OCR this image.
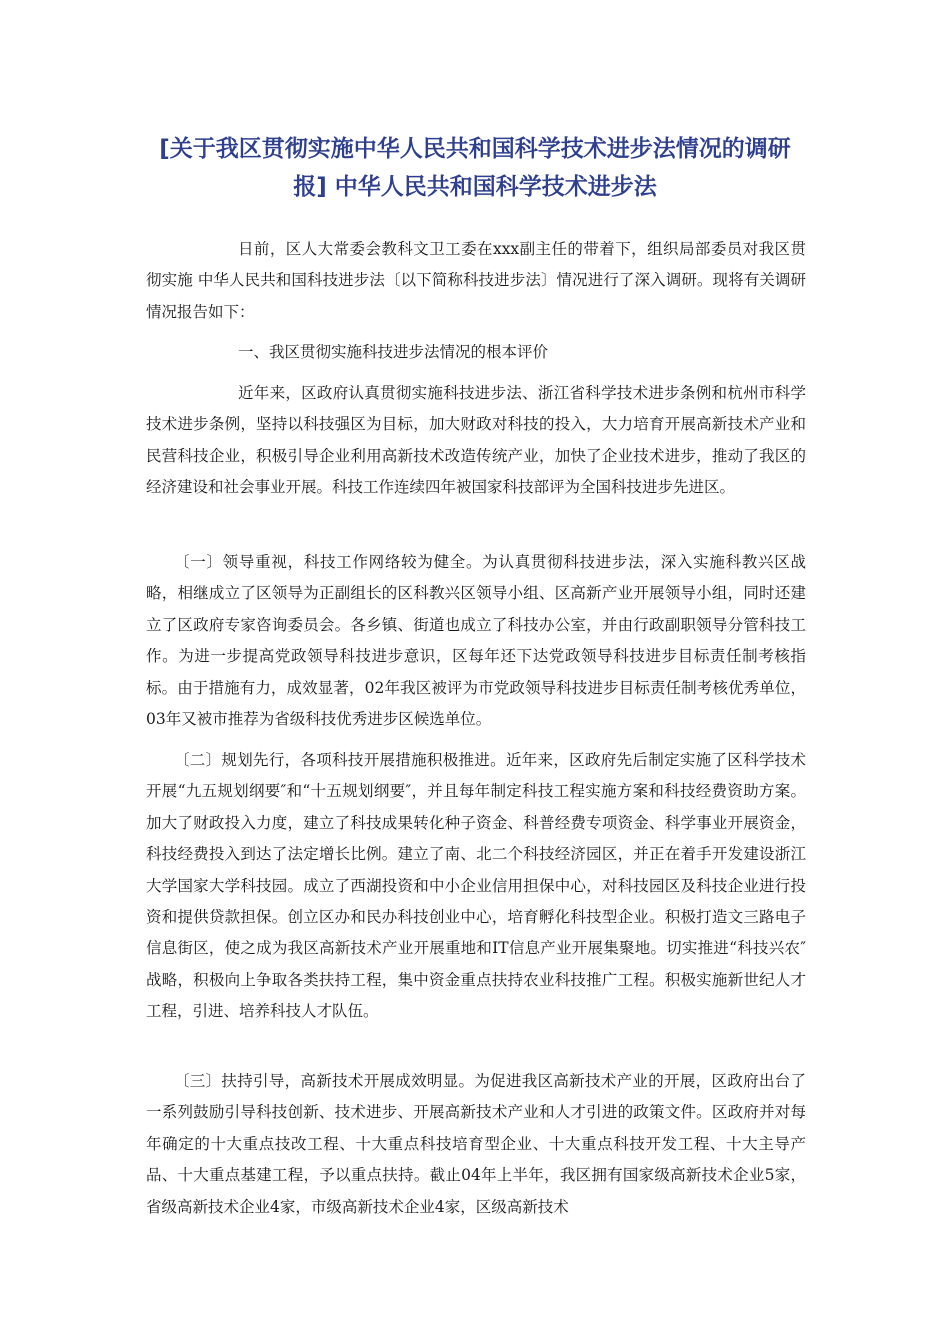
[关于我区贯彻实施中华人民共和国科学技术进步法情况的调研
报] 中华人民共和国科学技术进步法

日前，区人大常委会教科文卫工委在xxx副主任的带着下，组织局部委员对我区贯彻实施 中华人民共和国科技进步法〔以下简称科技进步法〕情况进行了深入调研。现将有关调研情况报告如下：

一、我区贯彻实施科技进步法情况的根本评价

近年来，区政府认真贯彻实施科技进步法、浙江省科学技术进步条例和杭州市科学技术进步条例，坚持以科技强区为目标，加大财政对科技的投入，大力培育开展高新技术产业和民营科技企业，积极引导企业利用高新技术改造传统产业，加快了企业技术进步，推动了我区的经济建设和社会事业开展。科技工作连续四年被国家科技部评为全国科技进步先进区。

〔一〕领导重视，科技工作网络较为健全。为认真贯彻科技进步法，深入实施科教兴区战略，相继成立了区领导为正副组长的区科教兴区领导小组、区高新产业开展领导小组，同时还建立了区政府专家咨询委员会。各乡镇、街道也成立了科技办公室，并由行政副职领导分管科技工作。为进一步提高党政领导科技进步意识，区每年还下达党政领导科技进步目标责任制考核指标。由于措施有力，成效显著，02年我区被评为市党政领导科技进步目标责任制考核优秀单位，03年又被市推荐为省级科技优秀进步区候选单位。

〔二〕规划先行，各项科技开展措施积极推进。近年来，区政府先后制定实施了区科学技术开展“九五规划纲要″和“十五规划纲要″，并且每年制定科技工程实施方案和科技经费资助方案。加大了财政投入力度，建立了科技成果转化种子资金、科普经费专项资金、科学事业开展资金，科技经费投入到达了法定增长比例。建立了南、北二个科技经济园区，并正在着手开发建设浙江大学国家大学科技园。成立了西湖投资和中小企业信用担保中心，对科技园区及科技企业进行投资和提供贷款担保。创立区办和民办科技创业中心，培育孵化科技型企业。积极打造文三路电子信息街区，使之成为我区高新技术产业开展重地和IT信息产业开展集聚地。切实推进“科技兴农″战略，积极向上争取各类扶持工程，集中资金重点扶持农业科技推广工程。积极实施新世纪人才工程，引进、培养科技人才队伍。

〔三〕扶持引导，高新技术开展成效明显。为促进我区高新技术产业的开展，区政府出台了一系列鼓励引导科技创新、技术进步、开展高新技术产业和人才引进的政策文件。区政府并对每年确定的十大重点技改工程、十大重点科技培育型企业、十大重点科技开发工程、十大主导产品、十大重点基建工程，予以重点扶持。截止04年上半年，我区拥有国家级高新技术企业5家，省级高新技术企业4家，市级高新技术企业4家，区级高新技术
